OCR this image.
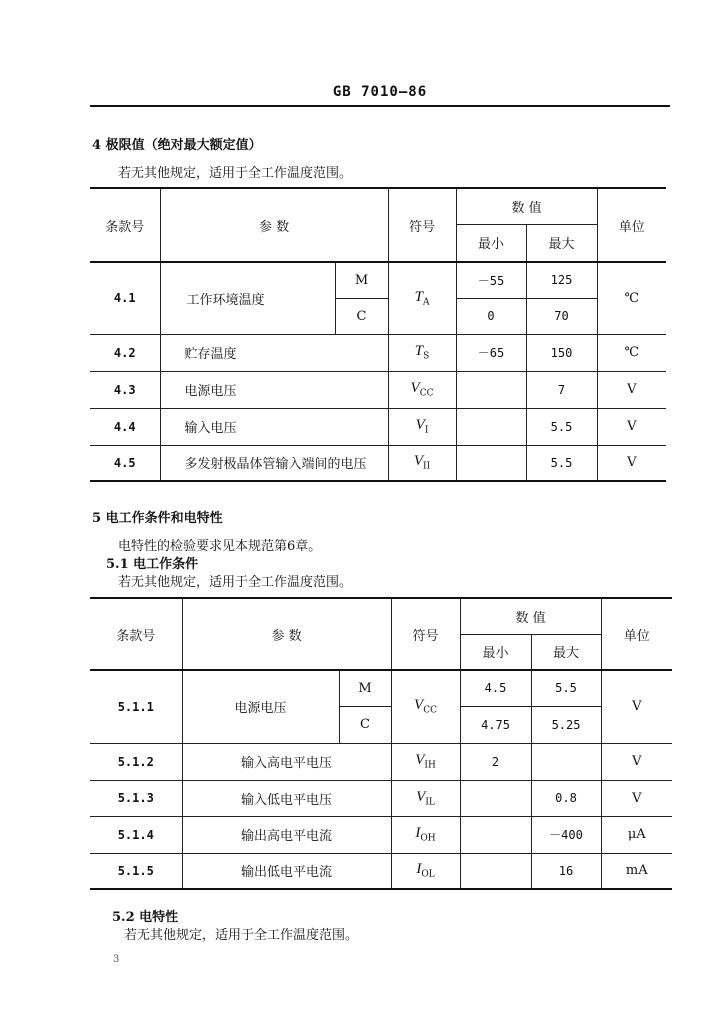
GB 7010—86
4 极限值（绝对最大额定值）
若无其他规定，适用于全工作温度范围。
条款号	参 数		符号	数 值		单位
				最小	最大	
4.1	工作环境温度	M	$T_A$	－55	125	℃
		C		0	70	
4.2	贮存温度		$T_S$	－65	150	℃
4.3	电源电压		$V_{CC}$		7	V
4.4	输入电压		$V_I$		5.5	V
4.5	多发射极晶体管输入端间的电压		$V_{II}$		5.5	V
5 电工作条件和电特性
电特性的检验要求见本规范第6章。
5.1 电工作条件
若无其他规定，适用于全工作温度范围。
条款号	参 数		符号	数 值		单位
				最小	最大	
5.1.1	电源电压	M	$V_{CC}$	4.5	5.5	V
		C		4.75	5.25	
5.1.2	输入高电平电压		$V_{IH}$	2		V
5.1.3	输入低电平电压		$V_{IL}$		0.8	V
5.1.4	输出高电平电流		$I_{OH}$		－400	μA
5.1.5	输出低电平电流		$I_{OL}$		16	mA
5.2 电特性
若无其他规定，适用于全工作温度范围。
3
